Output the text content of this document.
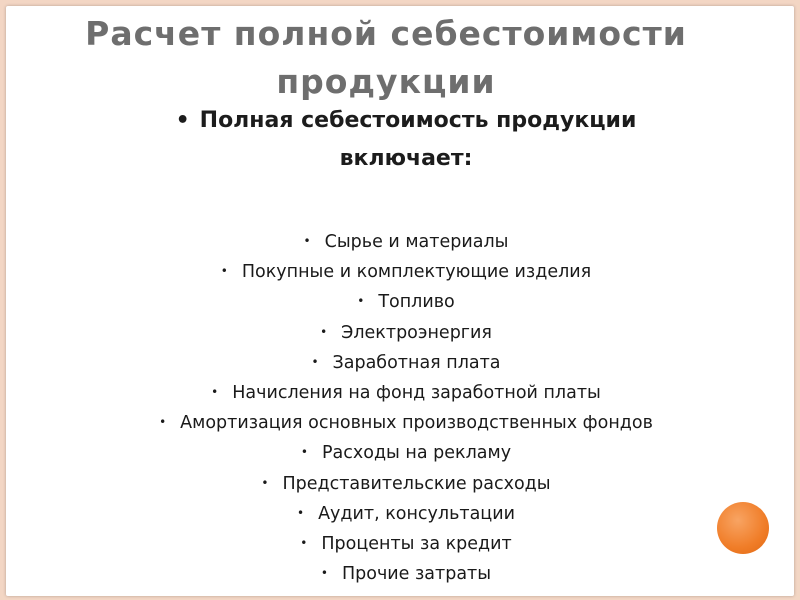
Расчет полной себестоимости
продукции
• Полная себестоимость продукции
включает:
• Сырье и материалы
• Покупные и комплектующие изделия
• Топливо
• Электроэнергия
• Заработная плата
• Начисления на фонд заработной платы
• Амортизация основных производственных фондов
• Расходы на рекламу
• Представительские расходы
• Аудит, консультации
• Проценты за кредит
• Прочие затраты
